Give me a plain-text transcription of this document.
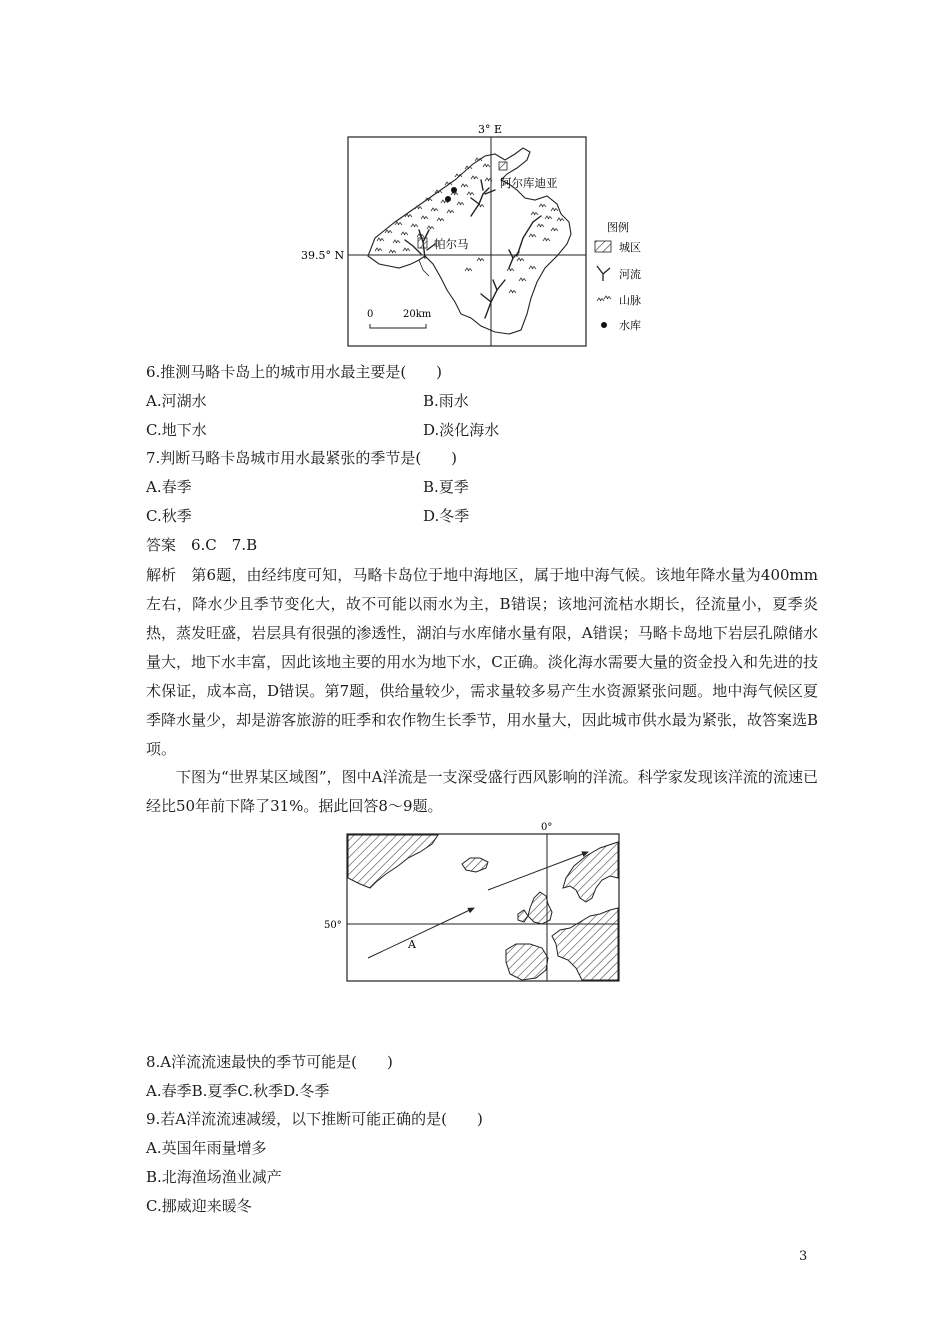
3° E
39.5° N
阿尔库迪亚
帕尔马
0	20km
图例
城区
河流
山脉
水库
6.推测马略卡岛上的城市用水最主要是(　　)
A.河湖水	B.雨水
C.地下水	D.淡化海水
7.判断马略卡岛城市用水最紧张的季节是(　　)
A.春季	B.夏季
C.秋季	D.冬季
答案　6.C　7.B
解析　第6题，由经纬度可知，马略卡岛位于地中海地区，属于地中海气候。该地年降水量为400mm左右，降水少且季节变化大，故不可能以雨水为主，B错误；该地河流枯水期长，径流量小，夏季炎热，蒸发旺盛，岩层具有很强的渗透性，湖泊与水库储水量有限，A错误；马略卡岛地下岩层孔隙储水量大，地下水丰富，因此该地主要的用水为地下水，C正确。淡化海水需要大量的资金投入和先进的技术保证，成本高，D错误。第7题，供给量较少，需求量较多易产生水资源紧张问题。地中海气候区夏季降水量少，却是游客旅游的旺季和农作物生长季节，用水量大，因此城市供水最为紧张，故答案选B项。
下图为“世界某区域图”，图中A洋流是一支深受盛行西风影响的洋流。科学家发现该洋流的流速已经比50年前下降了31%。据此回答8～9题。
0°
50°
A
8.A洋流流速最快的季节可能是(　　)
A.春季B.夏季C.秋季D.冬季
9.若A洋流流速减缓，以下推断可能正确的是(　　)
A.英国年雨量增多
B.北海渔场渔业减产
C.挪威迎来暖冬
3
